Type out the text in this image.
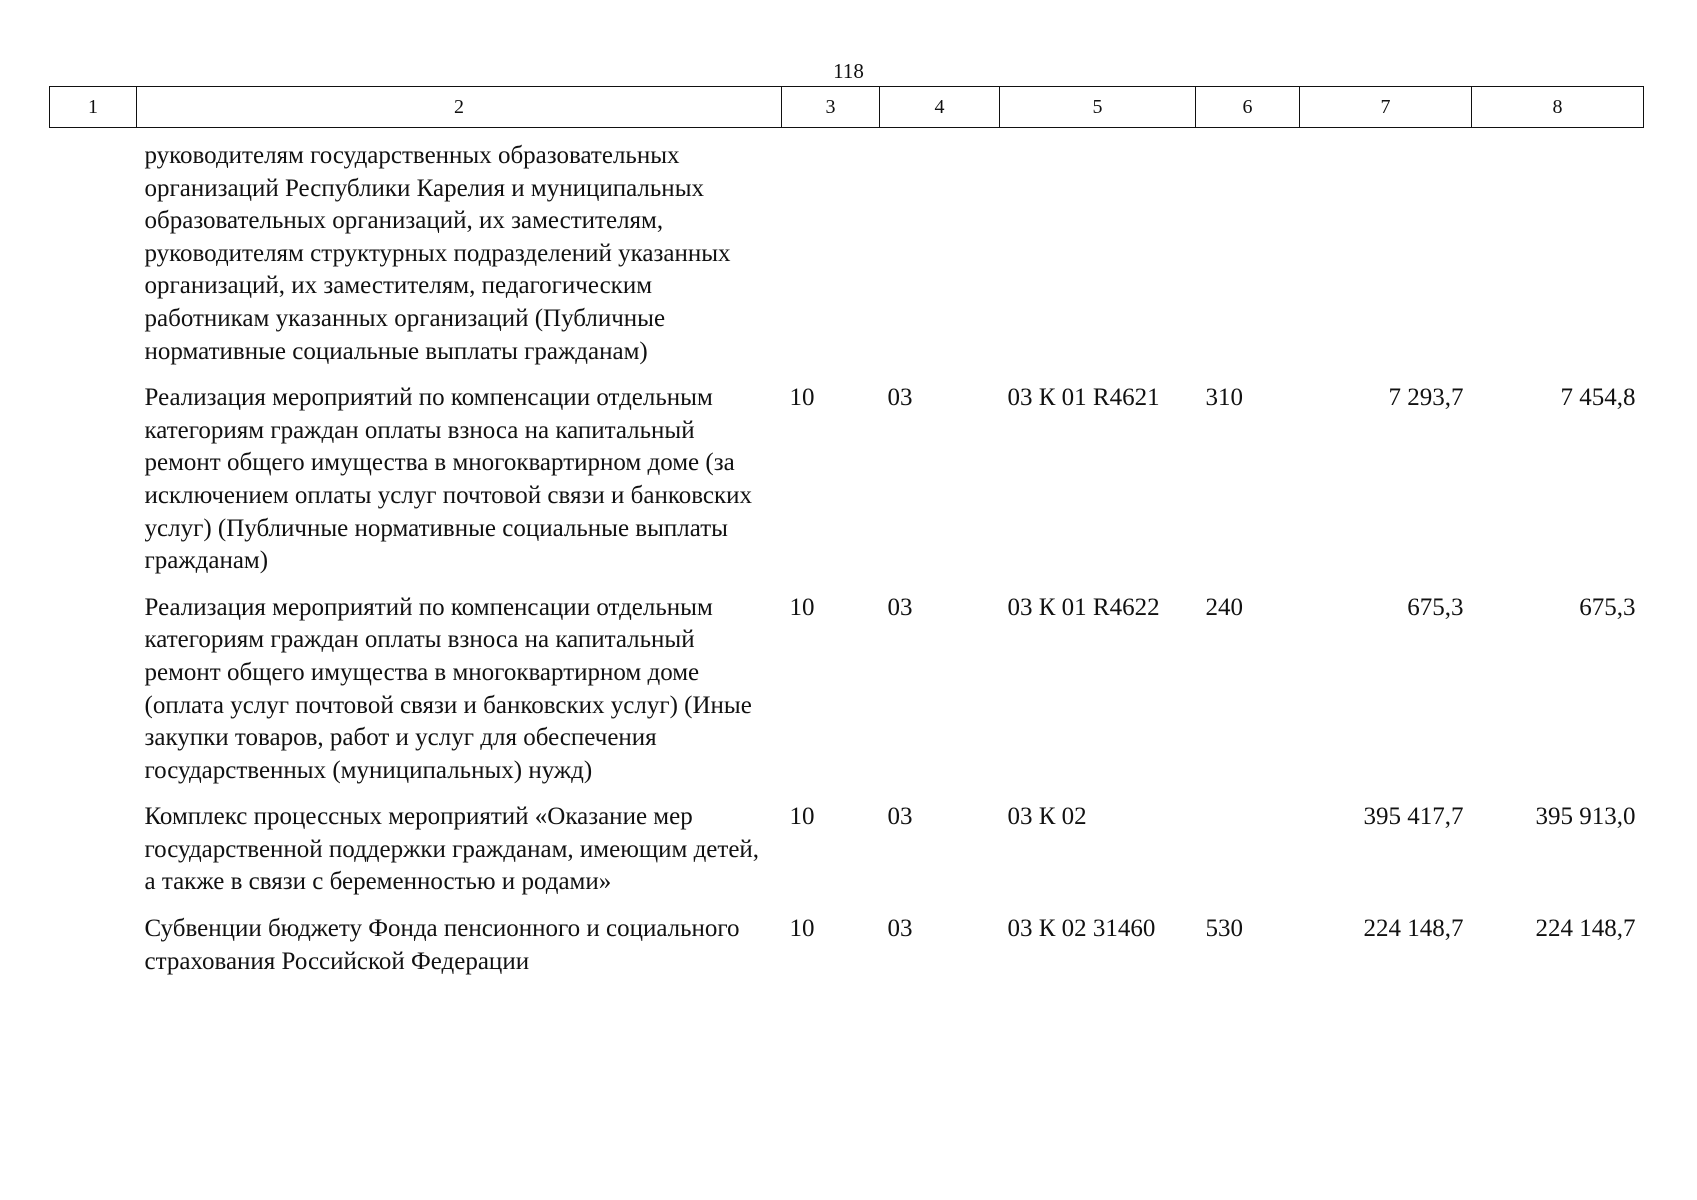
118
1	2	3	4	5	6	7	8
	руководителям государственных образовательных организаций Республики Карелия и муниципальных образовательных организаций, их заместителям, руководителям структурных подразделений указанных организаций, их заместителям, педагогическим работникам указанных организаций (Публичные нормативные социальные выплаты гражданам)						
	Реализация мероприятий по компенсации отдельным категориям граждан оплаты взноса на капитальный ремонт общего имущества в многоквартирном доме (за исключением оплаты услуг почтовой связи и банковских услуг) (Публичные нормативные социальные выплаты гражданам)	10	03	03 К 01 R4621	310	7 293,7	7 454,8
	Реализация мероприятий по компенсации отдельным категориям граждан оплаты взноса на капитальный ремонт общего имущества в многоквартирном доме (оплата услуг почтовой связи и банковских услуг) (Иные закупки товаров, работ и услуг для обеспечения государственных (муниципальных) нужд)	10	03	03 К 01 R4622	240	675,3	675,3
	Комплекс процессных мероприятий «Оказание мер государственной поддержки гражданам, имеющим детей, а также в связи с беременностью и родами»	10	03	03 К 02		395 417,7	395 913,0
	Субвенции бюджету Фонда пенсионного и социального страхования Российской Федерации	10	03	03 К 02 31460	530	224 148,7	224 148,7
